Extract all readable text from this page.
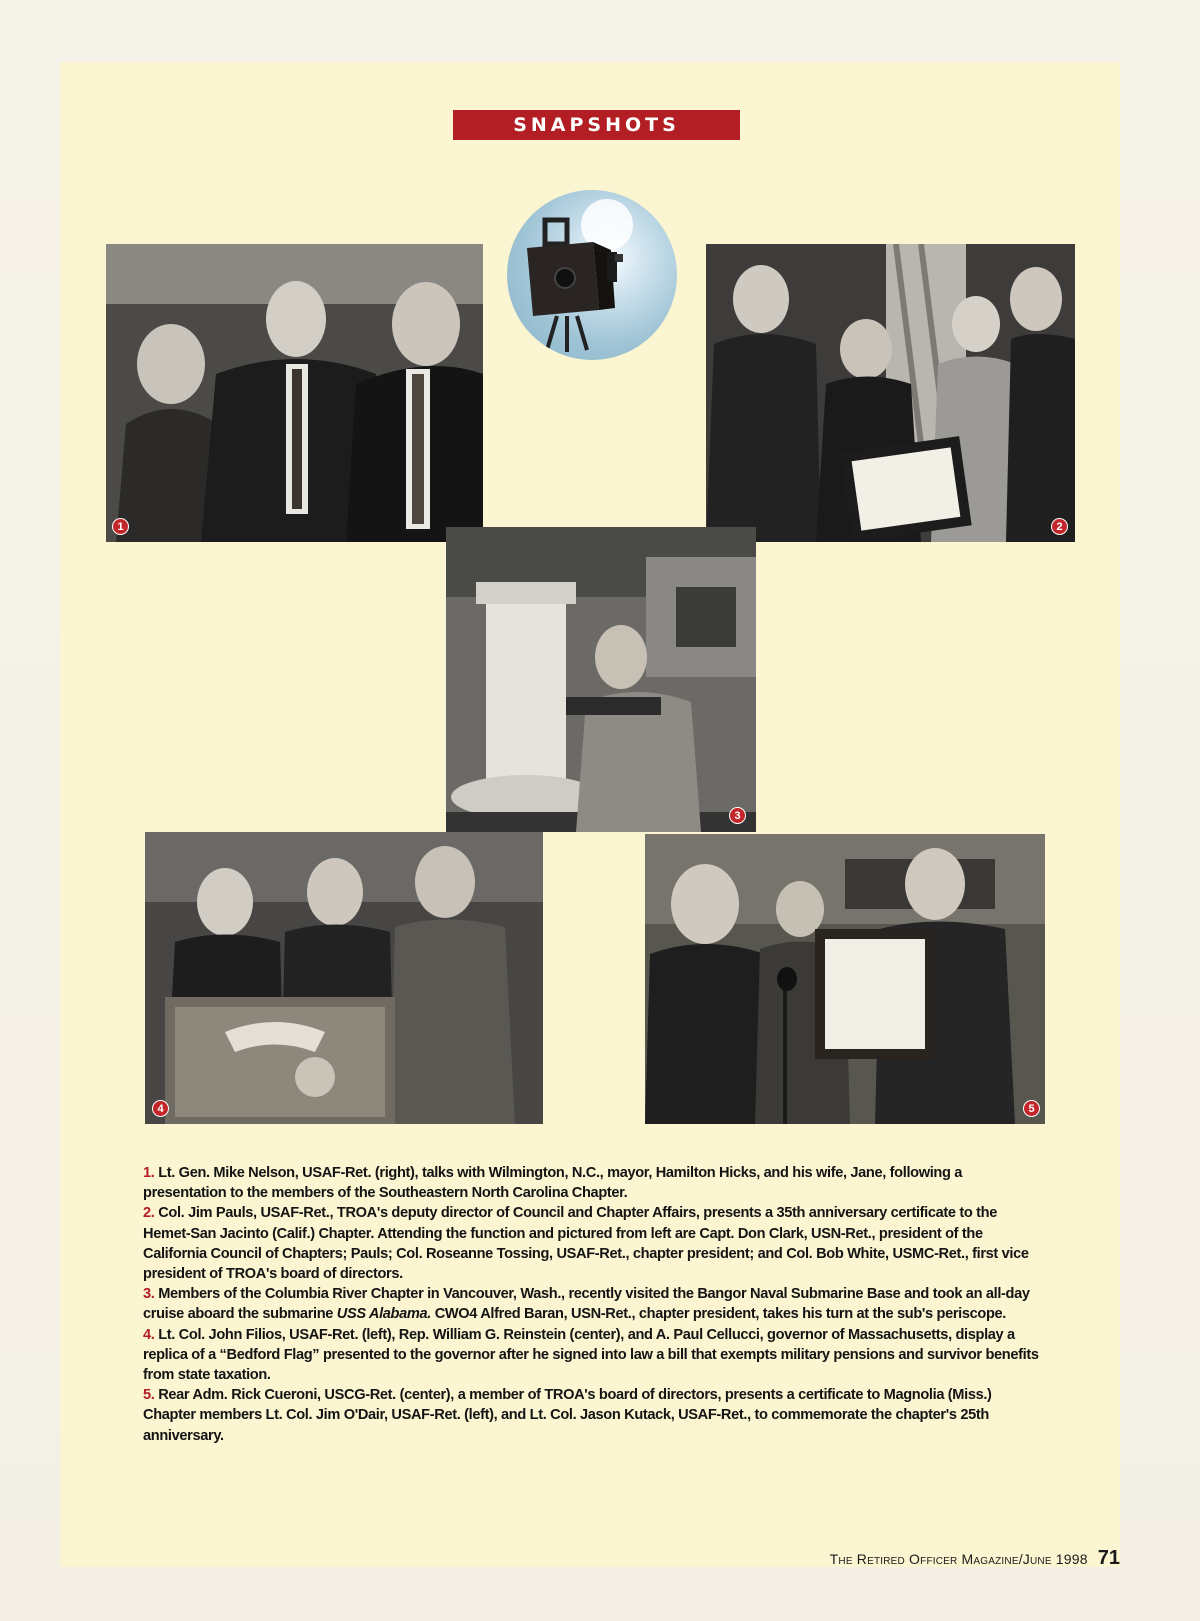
SNAPSHOTS
1	2
3
4	5

1. Lt. Gen. Mike Nelson, USAF-Ret. (right), talks with Wilmington, N.C., mayor, Hamilton Hicks, and his wife, Jane, following a presentation to the members of the Southeastern North Carolina Chapter.

2. Col. Jim Pauls, USAF-Ret., TROA's deputy director of Council and Chapter Affairs, presents a 35th anniversary certificate to the Hemet-San Jacinto (Calif.) Chapter. Attending the function and pictured from left are Capt. Don Clark, USN-Ret., president of the California Council of Chapters; Pauls; Col. Roseanne Tossing, USAF-Ret., chapter president; and Col. Bob White, USMC-Ret., first vice president of TROA's board of directors.

3. Members of the Columbia River Chapter in Vancouver, Wash., recently visited the Bangor Naval Submarine Base and took an all-day cruise aboard the submarine USS Alabama. CWO4 Alfred Baran, USN-Ret., chapter president, takes his turn at the sub's periscope.

4. Lt. Col. John Filios, USAF-Ret. (left), Rep. William G. Reinstein (center), and A. Paul Cellucci, governor of Massachusetts, display a replica of a “Bedford Flag” presented to the governor after he signed into law a bill that exempts military pensions and survivor benefits from state taxation.

5. Rear Adm. Rick Cueroni, USCG-Ret. (center), a member of TROA's board of directors, presents a certificate to Magnolia (Miss.) Chapter members Lt. Col. Jim O'Dair, USAF-Ret. (left), and Lt. Col. Jason Kutack, USAF-Ret., to commemorate the chapter's 25th anniversary.

The Retired Officer Magazine/June 1998 71
